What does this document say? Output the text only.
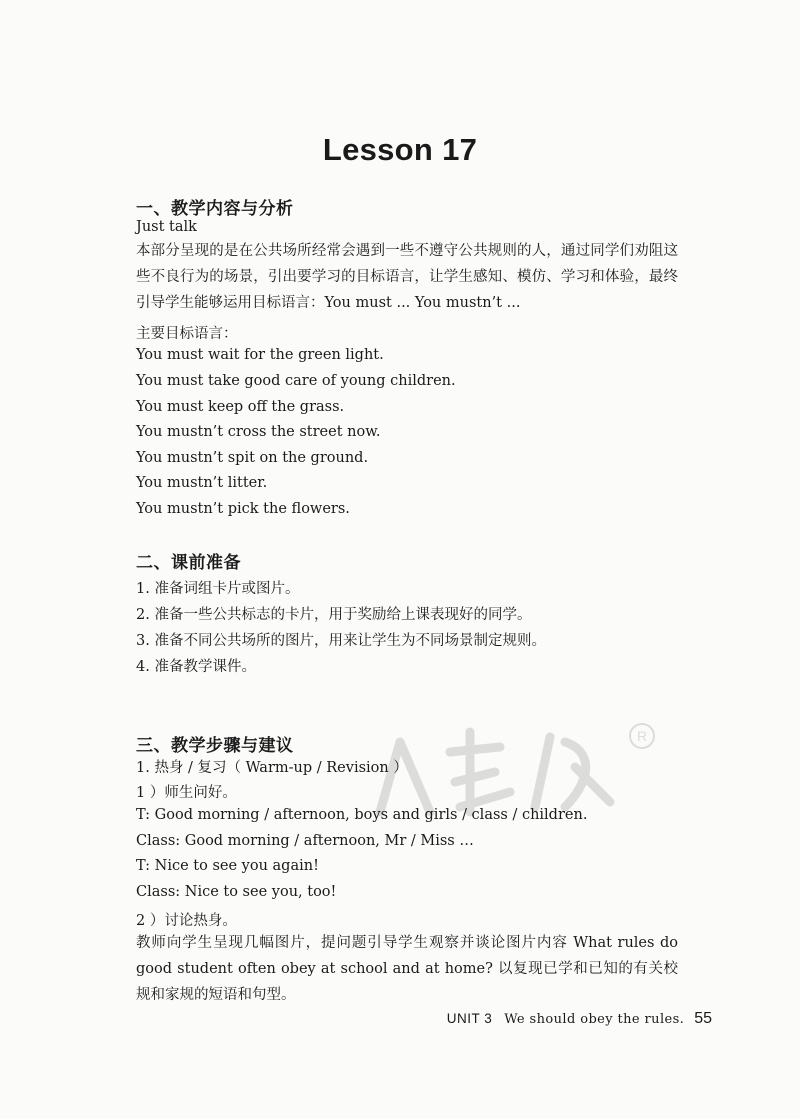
Lesson 17
一、教学内容与分析

Just talk

本部分呈现的是在公共场所经常会遇到一些不遵守公共规则的人，通过同学们劝阻这些不良行为的场景，引出要学习的目标语言，让学生感知、模仿、学习和体验，最终引导学生能够运用目标语言：You must ... You mustn’t ...

主要目标语言：

You must wait for the green light.

You must take good care of young children.

You must keep off the grass.

You mustn’t cross the street now.

You mustn’t spit on the ground.

You mustn’t litter.

You mustn’t pick the flowers.

二、课前准备

1. 准备词组卡片或图片。

2. 准备一些公共标志的卡片，用于奖励给上课表现好的同学。

3. 准备不同公共场所的图片，用来让学生为不同场景制定规则。

4. 准备教学课件。

R
三、教学步骤与建议

1. 热身 / 复习（ Warm-up / Revision ）

1 ）师生问好。

T: Good morning / afternoon, boys and girls / class / children.

Class: Good morning / afternoon, Mr / Miss …

T: Nice to see you again!

Class: Nice to see you, too!

2 ）讨论热身。

教师向学生呈现几幅图片，提问题引导学生观察并谈论图片内容 What rules do good student often obey at school and at home? 以复现已学和已知的有关校规和家规的短语和句型。

UNIT 3 We should obey the rules. 55
